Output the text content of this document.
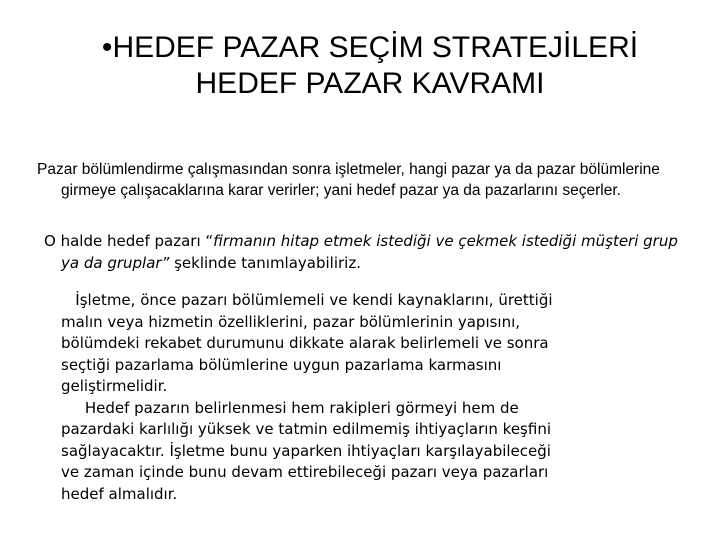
•HEDEF PAZAR SEÇİM STRATEJİLERİ
HEDEF PAZAR KAVRAMI
Pazar bölümlendirme çalışmasından sonra işletmeler, hangi pazar ya da pazar bölümlerine girmeye çalışacaklarına karar verirler; yani hedef pazar ya da pazarlarını seçerler.
O halde hedef pazarı “firmanın hitap etmek istediği ve çekmek istediği müşteri grup ya da gruplar” şeklinde tanımlayabiliriz.
İşletme, önce pazarı bölümlemeli ve kendi kaynaklarını, ürettiği
malın veya hizmetin özelliklerini, pazar bölümlerinin yapısını,
bölümdeki rekabet durumunu dikkate alarak belirlemeli ve sonra
seçtiği pazarlama bölümlerine uygun pazarlama karmasını
geliştirmelidir.
Hedef pazarın belirlenmesi hem rakipleri görmeyi hem de
pazardaki karlılığı yüksek ve tatmin edilmemiş ihtiyaçların keşfini
sağlayacaktır. İşletme bunu yaparken ihtiyaçları karşılayabileceği
ve zaman içinde bunu devam ettirebileceği pazarı veya pazarları
hedef almalıdır.
